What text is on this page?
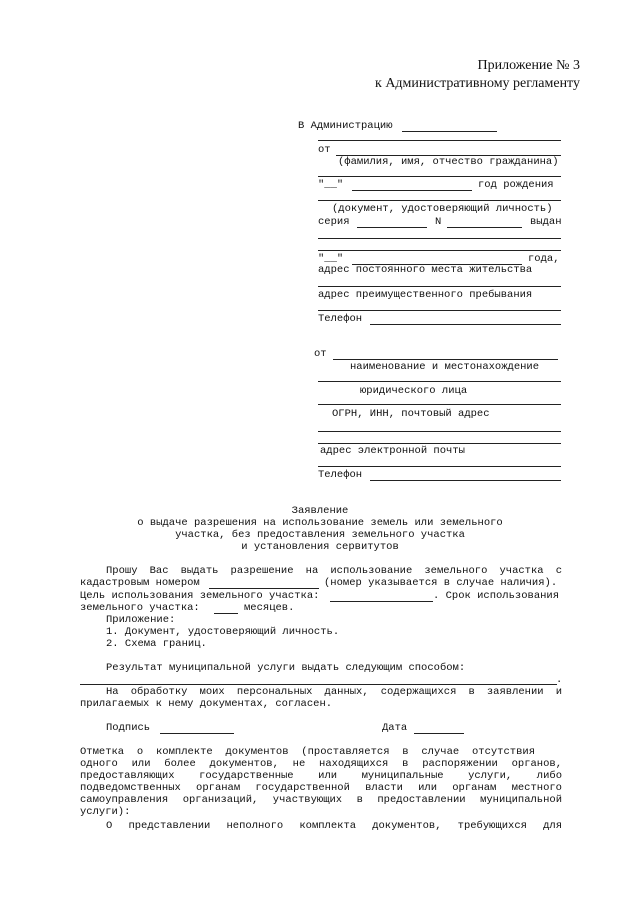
Приложение № 3
к Административному регламенту
В Администрацию
от
(фамилия, имя, отчество гражданина)
"__"	год рождения
(документ, удостоверяющий личность)
серия	N	выдан
"__"	года,
адрес постоянного места жительства
адрес преимущественного пребывания
Телефон
от
наименование и местонахождение
юридического лица
ОГРН, ИНН, почтовый адрес
адрес электронной почты
Телефон
Заявление
о выдаче разрешения на использование земель или земельного
участка, без предоставления земельного участка
и установления сервитутов
Прошу Вас выдать разрешение на использование земельного участка с
кадастровым номером	(номер указывается в случае наличия).
Цель использования земельного участка:	. Срок использования
земельного участка:	месяцев.
Приложение:
1. Документ, удостоверяющий личность.
2. Схема границ.
Результат муниципальной услуги выдать следующим способом:
.
На обработку моих персональных данных, содержащихся в заявлении и
прилагаемых к нему документах, согласен.
Подпись	Дата
Отметка о комплекте документов (проставляется в случае отсутствия
одного или более документов, не находящихся в распоряжении органов,
предоставляющих государственные или муниципальные услуги, либо
подведомственных органам государственной власти или органам местного
самоуправления организаций, участвующих в предоставлении муниципальной
услуги):
О представлении неполного комплекта документов, требующихся для
